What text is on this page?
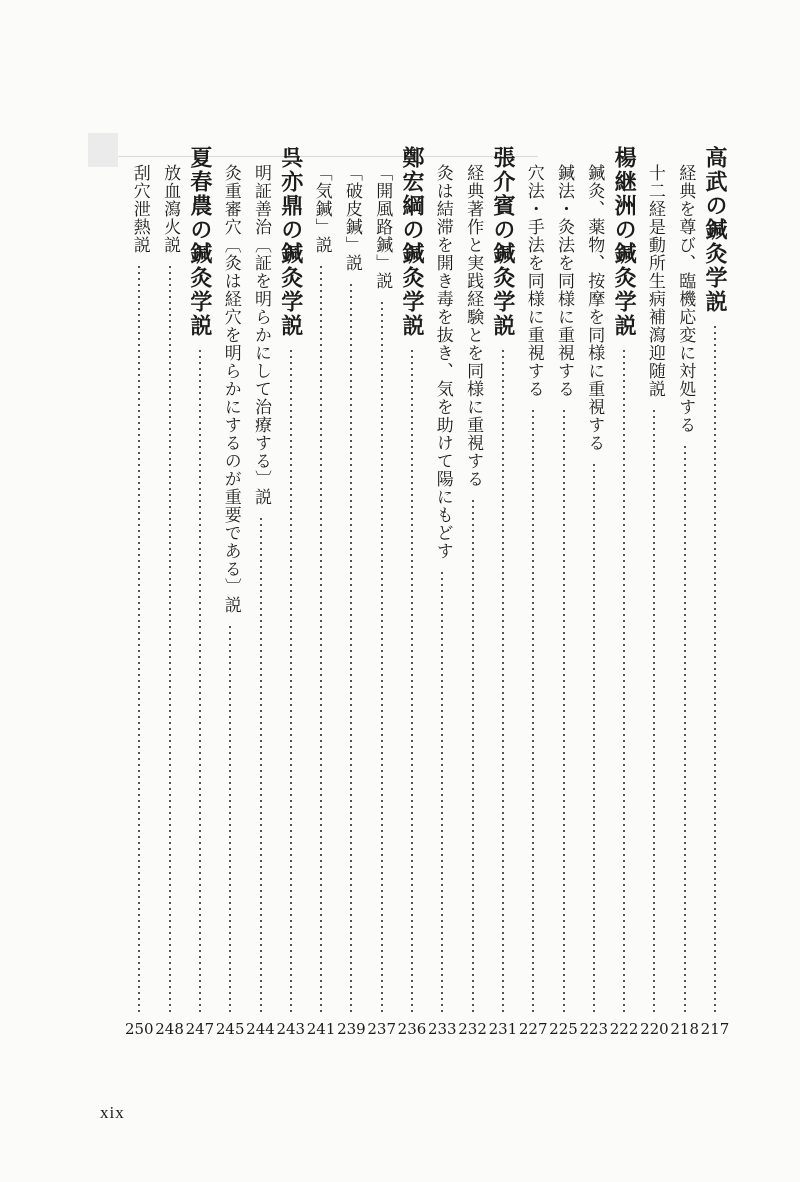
高武の鍼灸学説
217
経典を尊び、臨機応変に対処する
218
十二経是動所生病補瀉迎随説
220
楊継洲の鍼灸学説
222
鍼灸、薬物、按摩を同様に重視する
223
鍼法・灸法を同様に重視する
225
穴法・手法を同様に重視する
227
張介賓の鍼灸学説
231
経典著作と実践経験とを同様に重視する
232
灸は結滞を開き毒を抜き、気を助けて陽にもどす
233
鄭宏綱の鍼灸学説
236
「開風路鍼」説
237
「破皮鍼」説
239
「気鍼」説
241
呉亦鼎の鍼灸学説
243
明証善治〔証を明らかにして治療する〕説
244
灸重審穴〔灸は経穴を明らかにするのが重要である〕説
245
夏春農の鍼灸学説
247
放血瀉火説
248
刮穴泄熱説
250
xix
